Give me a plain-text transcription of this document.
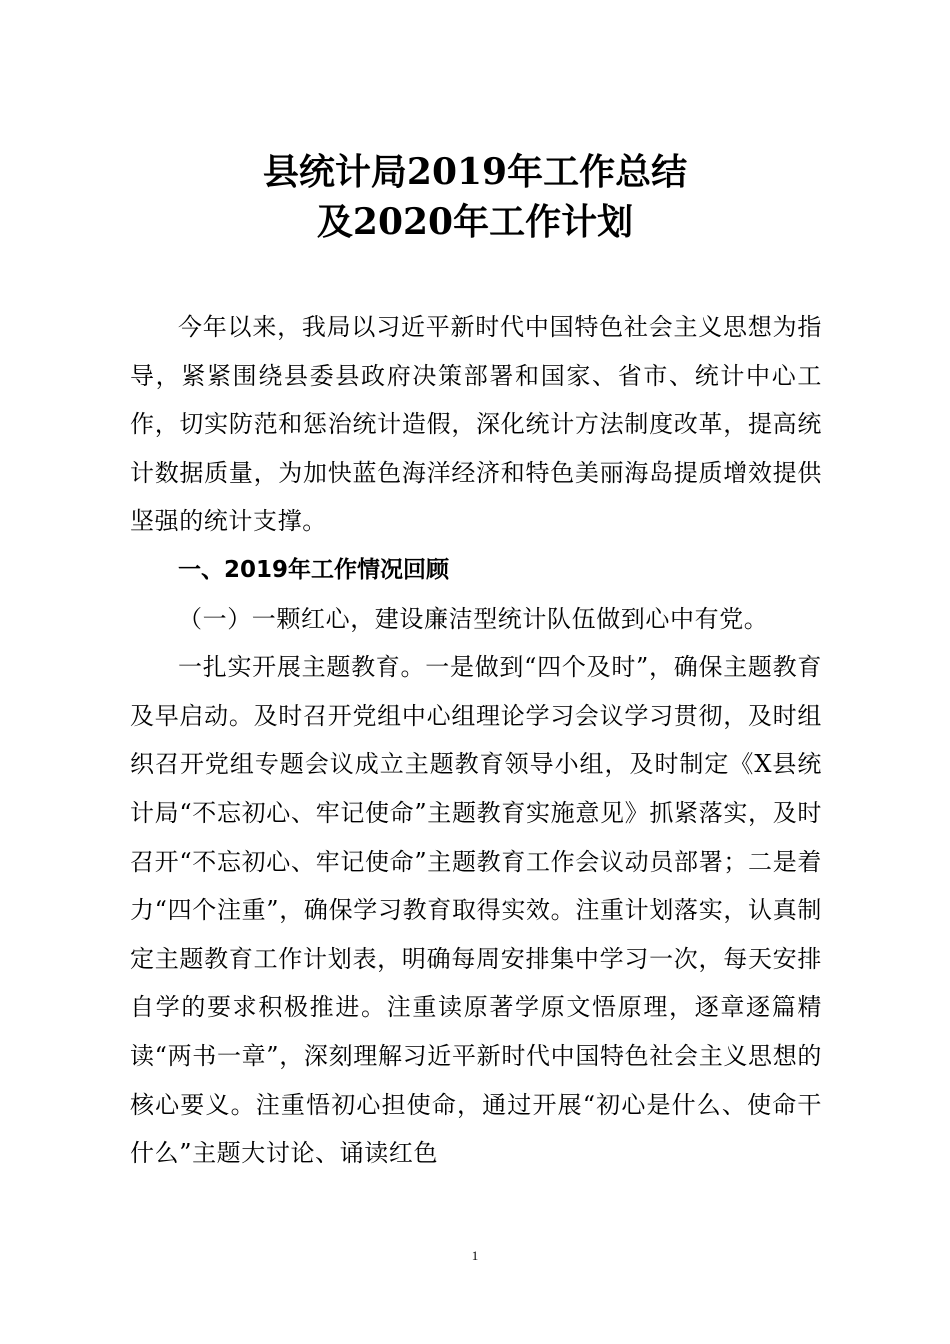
县统计局2019年工作总结
及2020年工作计划

今年以来，我局以习近平新时代中国特色社会主义思想为指导，紧紧围绕县委县政府决策部署和国家、省市、统计中心工作，切实防范和惩治统计造假，深化统计方法制度改革，提高统计数据质量，为加快蓝色海洋经济和特色美丽海岛提质增效提供坚强的统计支撑。

一、2019年工作情况回顾

（一）一颗红心，建设廉洁型统计队伍做到心中有党。

一扎实开展主题教育。一是做到“四个及时”，确保主题教育及早启动。及时召开党组中心组理论学习会议学习贯彻，及时组织召开党组专题会议成立主题教育领导小组，及时制定《X县统计局“不忘初心、牢记使命”主题教育实施意见》抓紧落实，及时召开“不忘初心、牢记使命”主题教育工作会议动员部署；二是着力“四个注重”，确保学习教育取得实效。注重计划落实，认真制定主题教育工作计划表，明确每周安排集中学习一次，每天安排自学的要求积极推进。注重读原著学原文悟原理，逐章逐篇精读“两书一章”，深刻理解习近平新时代中国特色社会主义思想的核心要义。注重悟初心担使命，通过开展“初心是什么、使命干什么”主题大讨论、诵读红色

1
